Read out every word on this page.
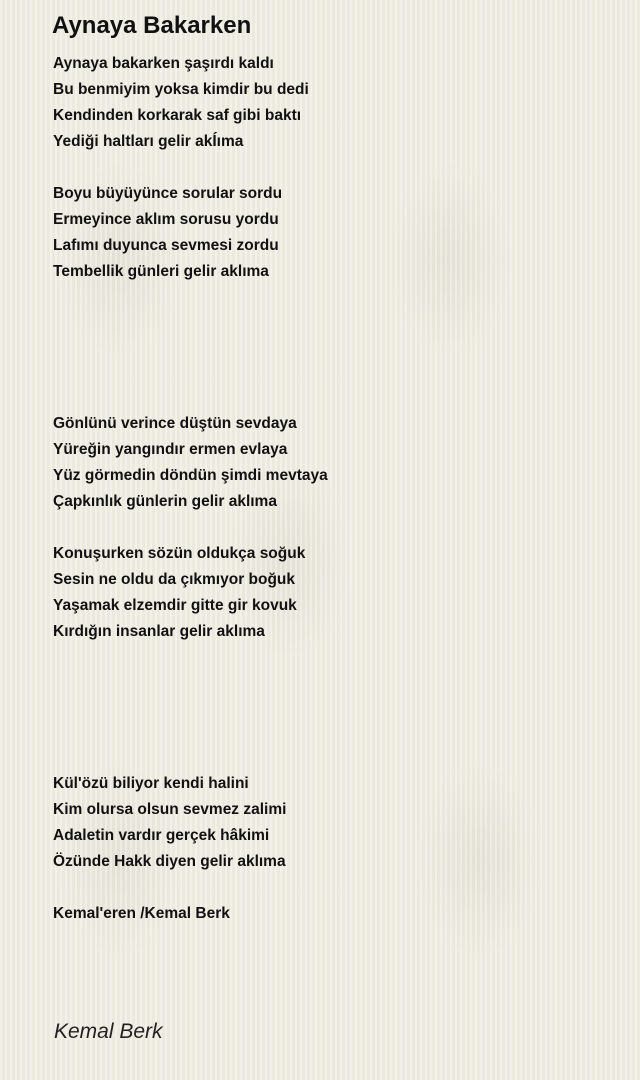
Aynaya Bakarken
Aynaya bakarken şaşırdı kaldı
Bu benmiyim yoksa kimdir bu dedi
Kendinden korkarak saf gibi baktı
Yediği haltları gelir akÍıma
Boyu büyüyünce sorular sordu
Ermeyince aklım sorusu yordu
Lafımı duyunca sevmesi zordu
Tembellik günleri gelir aklıma
Gönlünü verince düştün sevdaya
Yüreğin yangındır ermen evlaya
Yüz görmedin döndün şimdi mevtaya
Çapkınlık günlerin gelir aklıma
Konuşurken sözün oldukça soğuk
Sesin ne oldu da çıkmıyor boğuk
Yaşamak elzemdir gitte gir kovuk
Kırdığın insanlar gelir aklıma
Kül'özü biliyor kendi halini
Kim olursa olsun sevmez zalimi
Adaletin vardır gerçek hâkimi
Özünde Hakk diyen gelir aklıma
Kemal'eren /Kemal Berk
Kemal Berk
